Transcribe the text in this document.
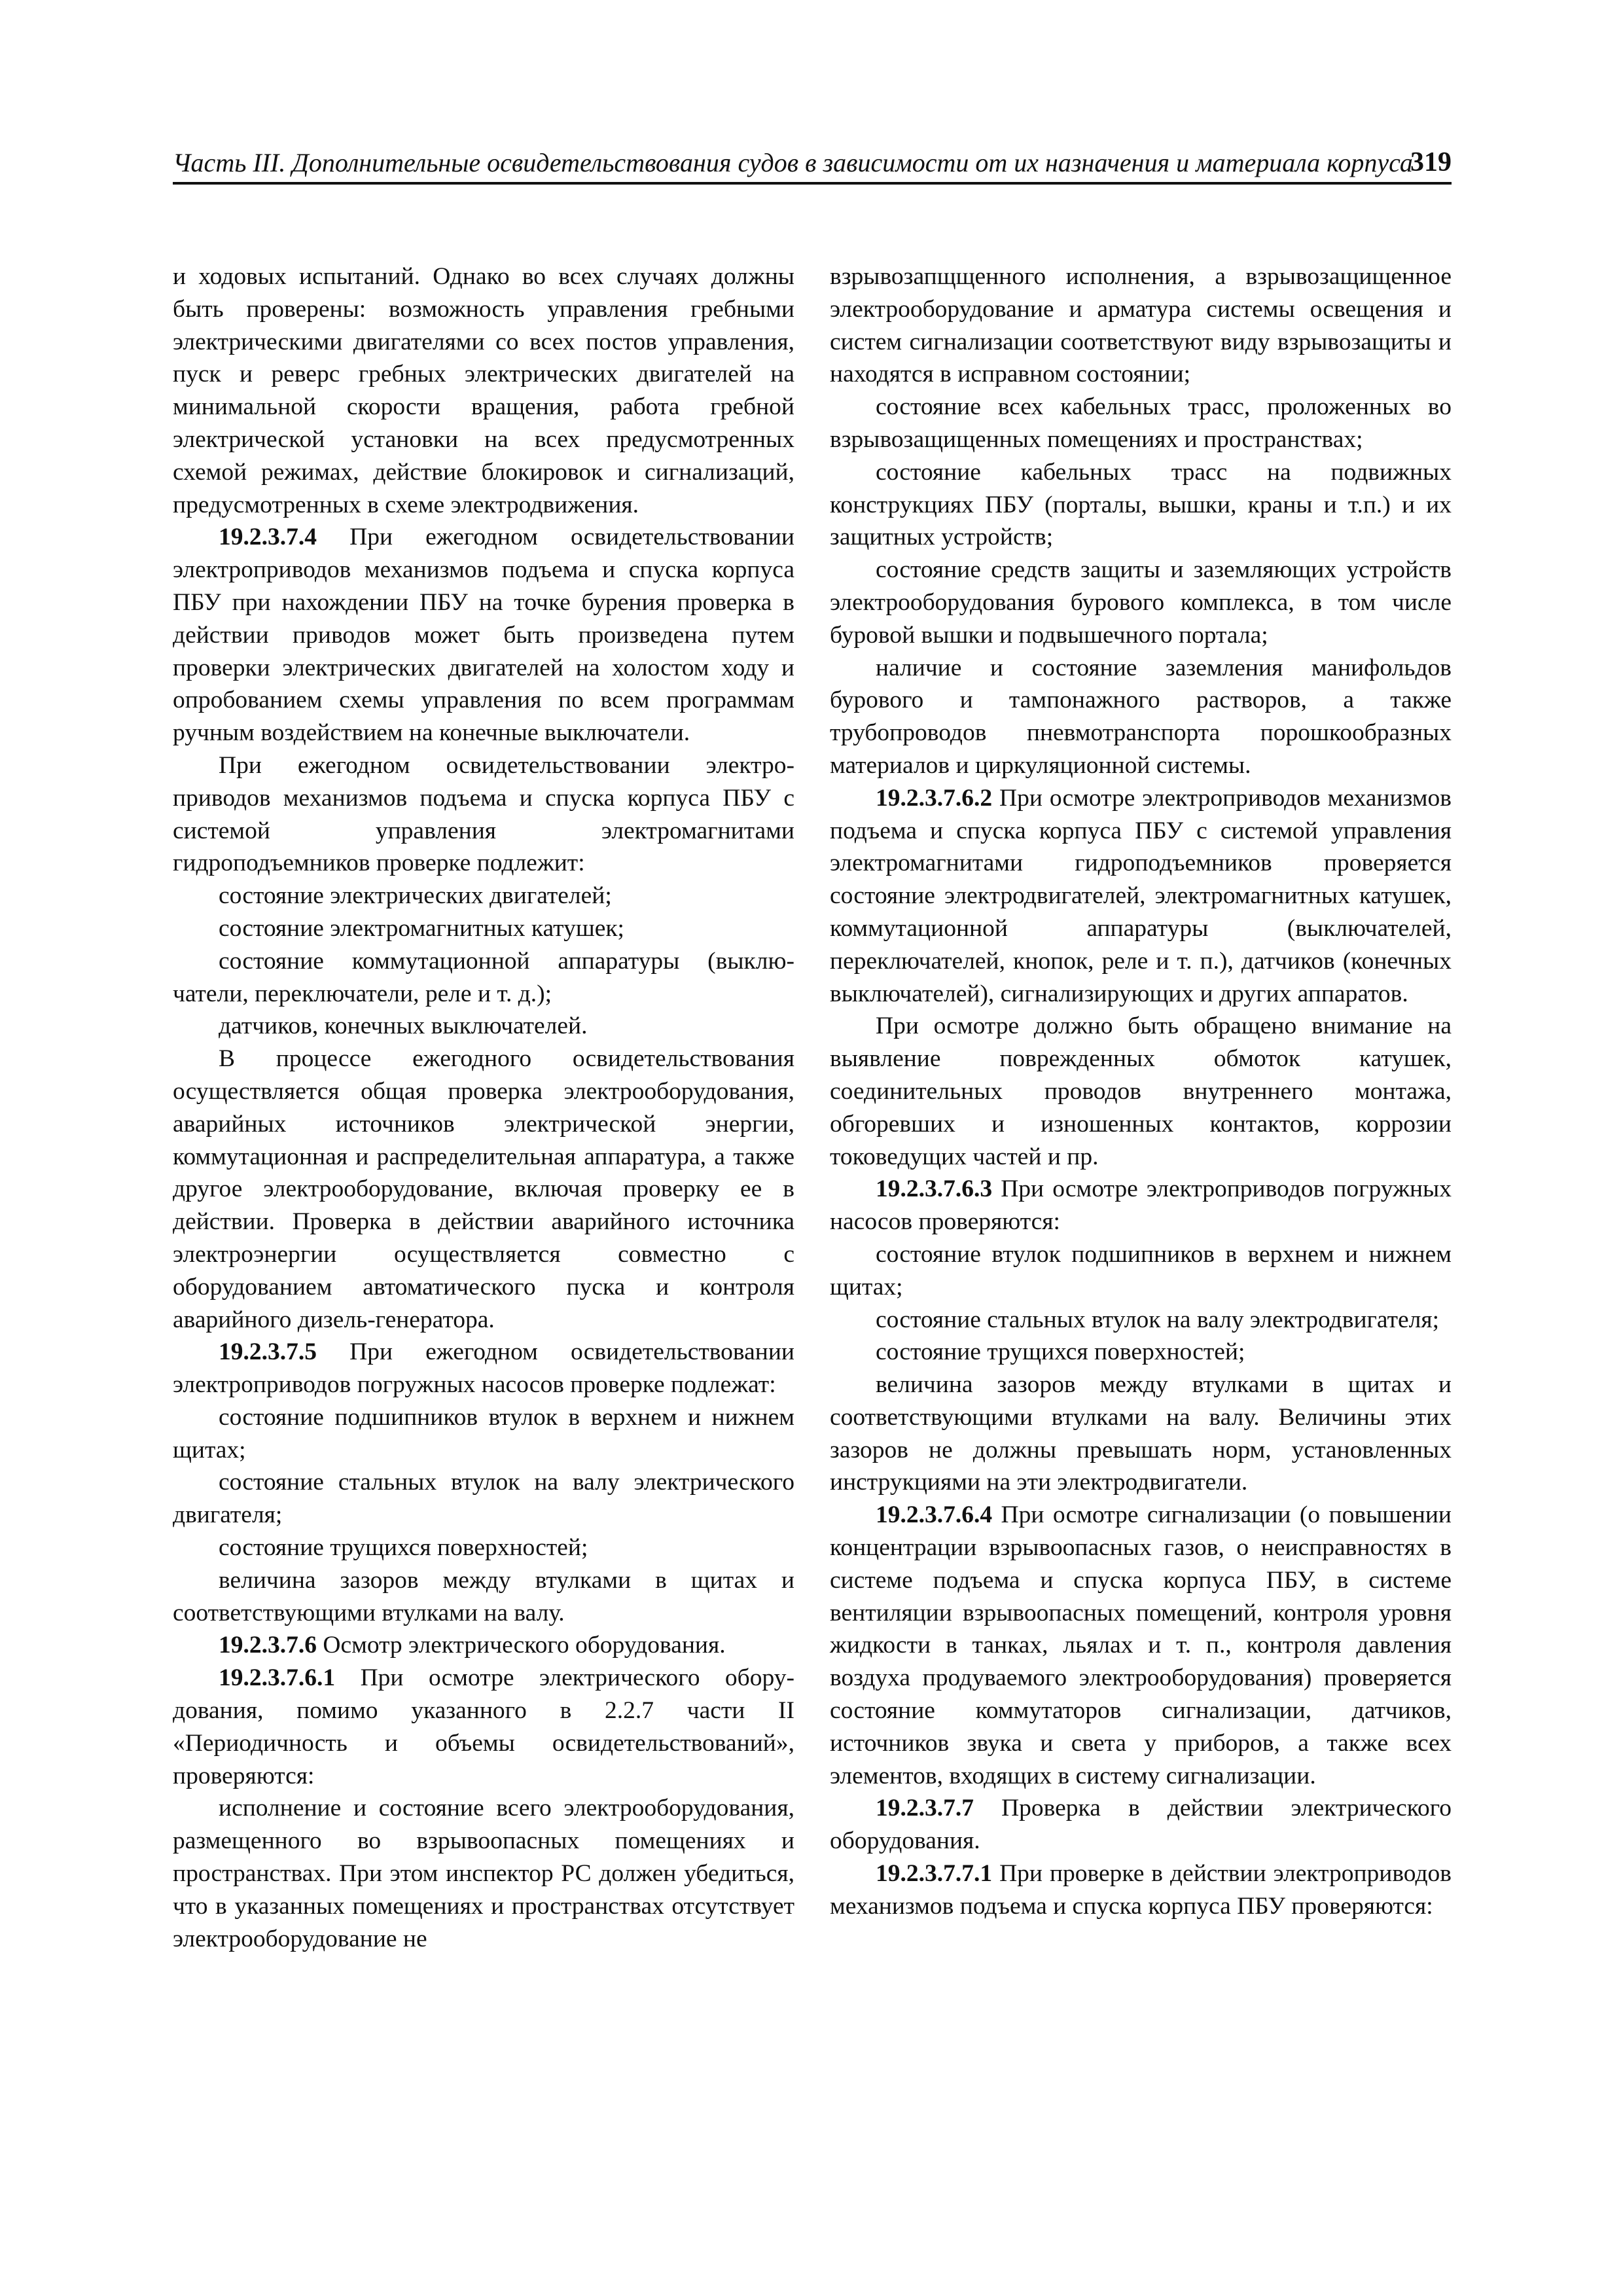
Часть III. Дополнительные освидетельствования судов в зависимости от их назначения и материала корпуса
319

и ходовых испытаний. Однако во всех случаях должны быть проверены: возможность управления гребными электрическими двигателями со всех постов управления, пуск и реверс гребных электрических двигателей на минимальной скорости вращения, работа гребной электрической установки на всех предусмотренных схемой режимах, действие блокировок и сигнализаций, предусмотренных в схеме электродвижения.

19.2.3.7.4 При ежегодном освидетельствовании электроприводов механизмов подъема и спуска корпуса ПБУ при нахождении ПБУ на точке бурения проверка в действии приводов может быть произведена путем проверки электрических двигателей на холостом ходу и опробованием схемы управления по всем программам ручным воздействием на конечные выключатели.

При ежегодном освидетельствовании электроприводов механизмов подъема и спуска корпуса ПБУ с системой управления электромагнитами гидроподъемников проверке подлежит:

состояние электрических двигателей;

состояние электромагнитных катушек;

состояние коммутационной аппаратуры (выключатели, переключатели, реле и т. д.);

датчиков, конечных выключателей.

В процессе ежегодного освидетельствования осуществляется общая проверка электрооборудования, аварийных источников электрической энергии, коммутационная и распределительная аппаратура, а также другое электрооборудование, включая проверку ее в действии. Проверка в действии аварийного источника электроэнергии осуществляется совместно с оборудованием автоматического пуска и контроля аварийного дизель-генератора.

19.2.3.7.5 При ежегодном освидетельствовании электроприводов погружных насосов проверке подлежат:

состояние подшипников втулок в верхнем и нижнем щитах;

состояние стальных втулок на валу электрического двигателя;

состояние трущихся поверхностей;

величина зазоров между втулками в щитах и соответствующими втулками на валу.

19.2.3.7.6 Осмотр электрического оборудования.

19.2.3.7.6.1 При осмотре электрического оборудования, помимо указанного в 2.2.7 части II «Периодичность и объемы освидетельствований», проверяются:

исполнение и состояние всего электрооборудования, размещенного во взрывоопасных помещениях и пространствах. При этом инспектор РС должен убедиться, что в указанных помещениях и пространствах отсутствует электрооборудование не

взрывозапщщенного исполнения, а взрывозащищенное электрооборудование и арматура системы освещения и систем сигнализации соответствуют виду взрывозащиты и находятся в исправном состоянии;

состояние всех кабельных трасс, проложенных во взрывозащищенных помещениях и пространствах;

состояние кабельных трасс на подвижных конструкциях ПБУ (порталы, вышки, краны и т.п.) и их защитных устройств;

состояние средств защиты и заземляющих устройств электрооборудования бурового комплекса, в том числе буровой вышки и подвышечного портала;

наличие и состояние заземления манифольдов бурового и тампонажного растворов, а также трубопроводов пневмотранспорта порошкообразных материалов и циркуляционной системы.

19.2.3.7.6.2 При осмотре электроприводов механизмов подъема и спуска корпуса ПБУ с системой управления электромагнитами гидроподъемников проверяется состояние электродвигателей, электромагнитных катушек, коммутационной аппаратуры (выключателей, переключателей, кнопок, реле и т. п.), датчиков (конечных выключателей), сигнализирующих и других аппаратов.

При осмотре должно быть обращено внимание на выявление поврежденных обмоток катушек, соединительных проводов внутреннего монтажа, обгоревших и изношенных контактов, коррозии токоведущих частей и пр.

19.2.3.7.6.3 При осмотре электроприводов погружных насосов проверяются:

состояние втулок подшипников в верхнем и нижнем щитах;

состояние стальных втулок на валу электродвигателя;

состояние трущихся поверхностей;

величина зазоров между втулками в щитах и соответствующими втулками на валу. Величины этих зазоров не должны превышать норм, установленных инструкциями на эти электродвигатели.

19.2.3.7.6.4 При осмотре сигнализации (о повышении концентрации взрывоопасных газов, о неисправностях в системе подъема и спуска корпуса ПБУ, в системе вентиляции взрывоопасных помещений, контроля уровня жидкости в танках, льялах и т. п., контроля давления воздуха продуваемого электрооборудования) проверяется состояние коммутаторов сигнализации, датчиков, источников звука и света у приборов, а также всех элементов, входящих в систему сигнализации.

19.2.3.7.7 Проверка в действии электрического оборудования.

19.2.3.7.7.1 При проверке в действии электроприводов механизмов подъема и спуска корпуса ПБУ проверяются:
